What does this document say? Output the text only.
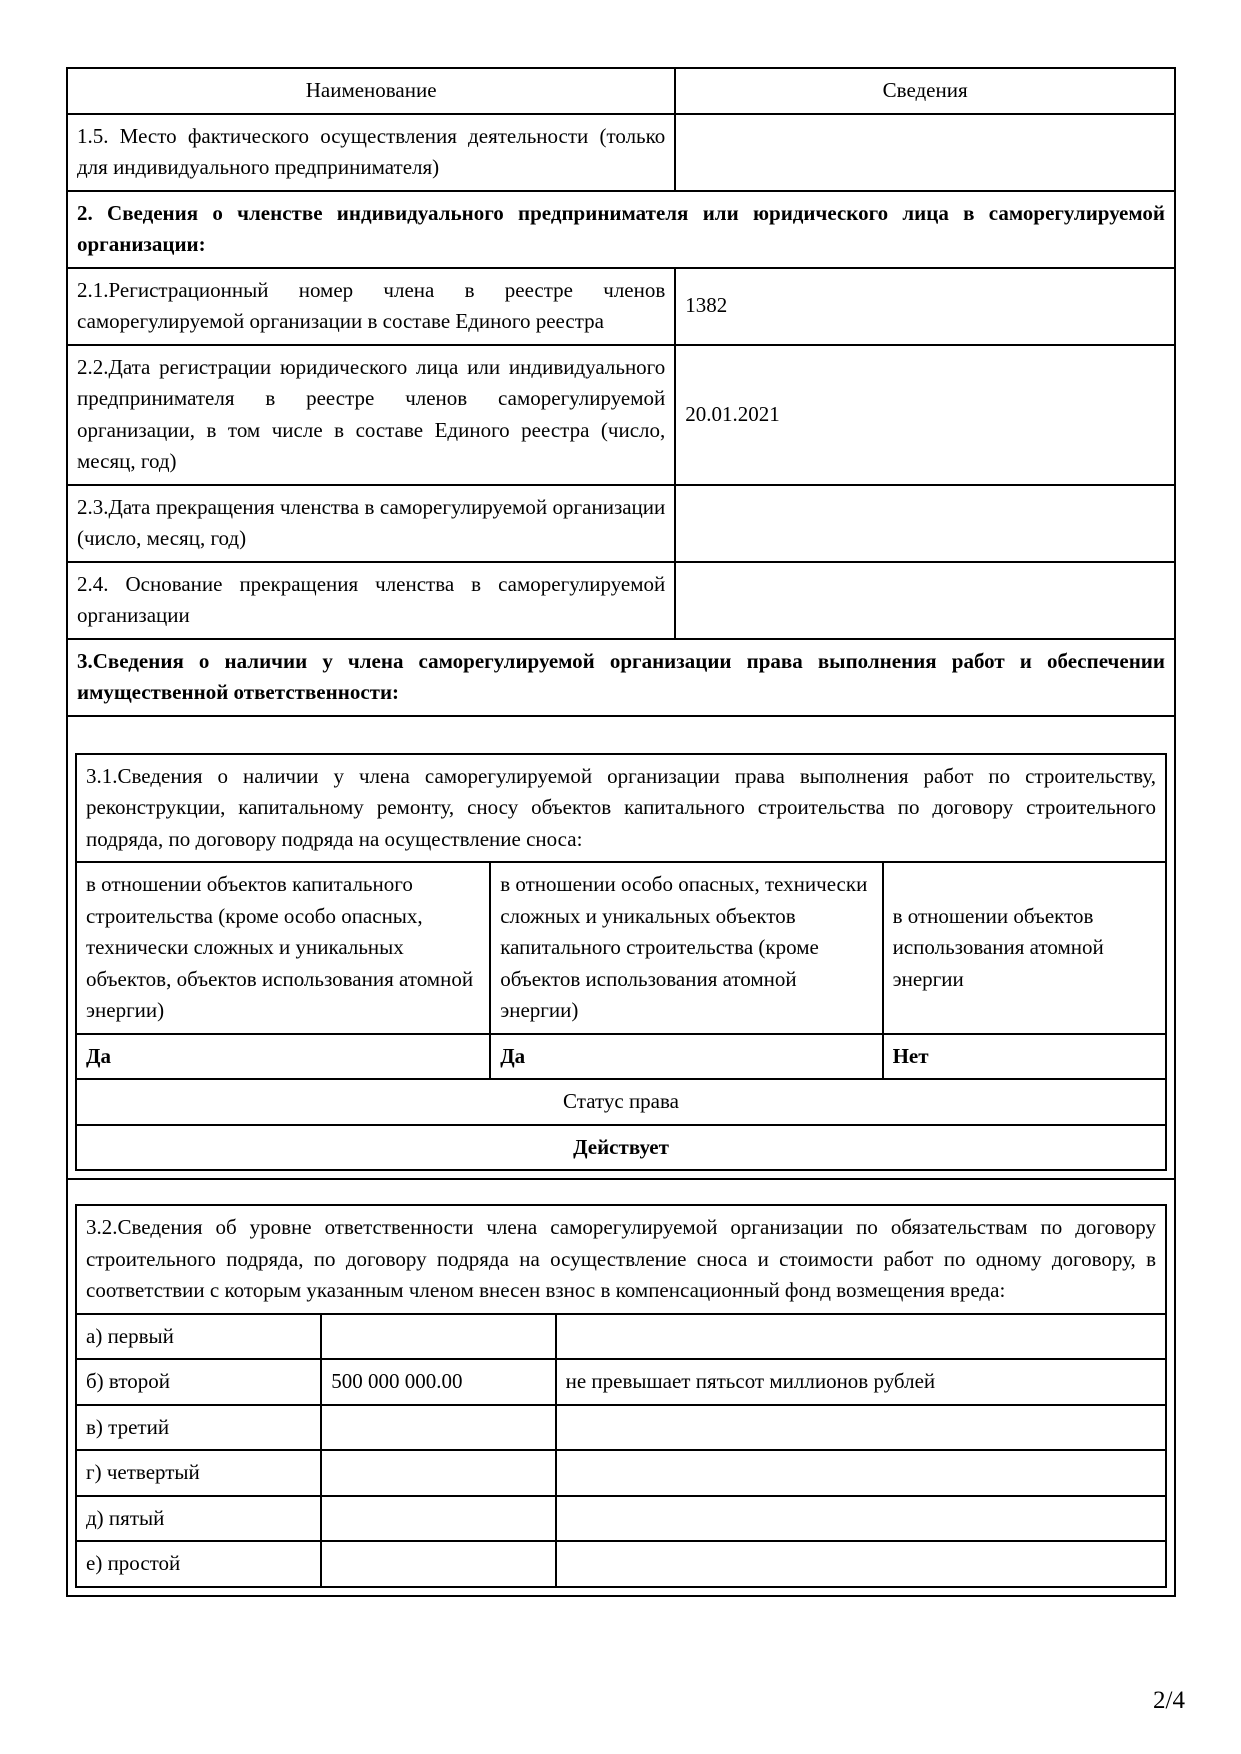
Наименование	Сведения
1.5. Место фактического осуществления деятельности (только для индивидуального предпринимателя)	
2. Сведения о членстве индивидуального предпринимателя или юридического лица в саморегулируемой организации:
2.1.Регистрационный номер члена в реестре членов саморегулируемой организации в составе Единого реестра	1382
2.2.Дата регистрации юридического лица или индивидуального предпринимателя в реестре членов саморегулируемой организации, в том числе в составе Единого реестра (число, месяц, год)	20.01.2021
2.3.Дата прекращения членства в саморегулируемой организации (число, месяц, год)	
2.4. Основание прекращения членства в саморегулируемой организации	
3.Сведения о наличии у члена саморегулируемой организации права выполнения работ и обеспечении имущественной ответственности:

3.1.Сведения о наличии у члена саморегулируемой организации права выполнения работ по строительству, реконструкции, капитальному ремонту, сносу объектов капитального строительства по договору строительного подряда, по договору подряда на осуществление сноса:
в отношении объектов капитального строительства (кроме особо опасных, технически сложных и уникальных объектов, объектов использования атомной энергии)	в отношении особо опасных, технически сложных и уникальных объектов капитального строительства (кроме объектов использования атомной энергии)	в отношении объектов использования атомной энергии
Да	Да	Нет
Статус права
Действует

3.2.Сведения об уровне ответственности члена саморегулируемой организации по обязательствам по договору строительного подряда, по договору подряда на осуществление сноса и стоимости работ по одному договору, в соответствии с которым указанным членом внесен взнос в компенсационный фонд возмещения вреда:
а) первый		
б) второй	500 000 000.00	не превышает пятьсот миллионов рублей
в) третий		
г) четвертый		
д) пятый		
е) простой		
2/4
